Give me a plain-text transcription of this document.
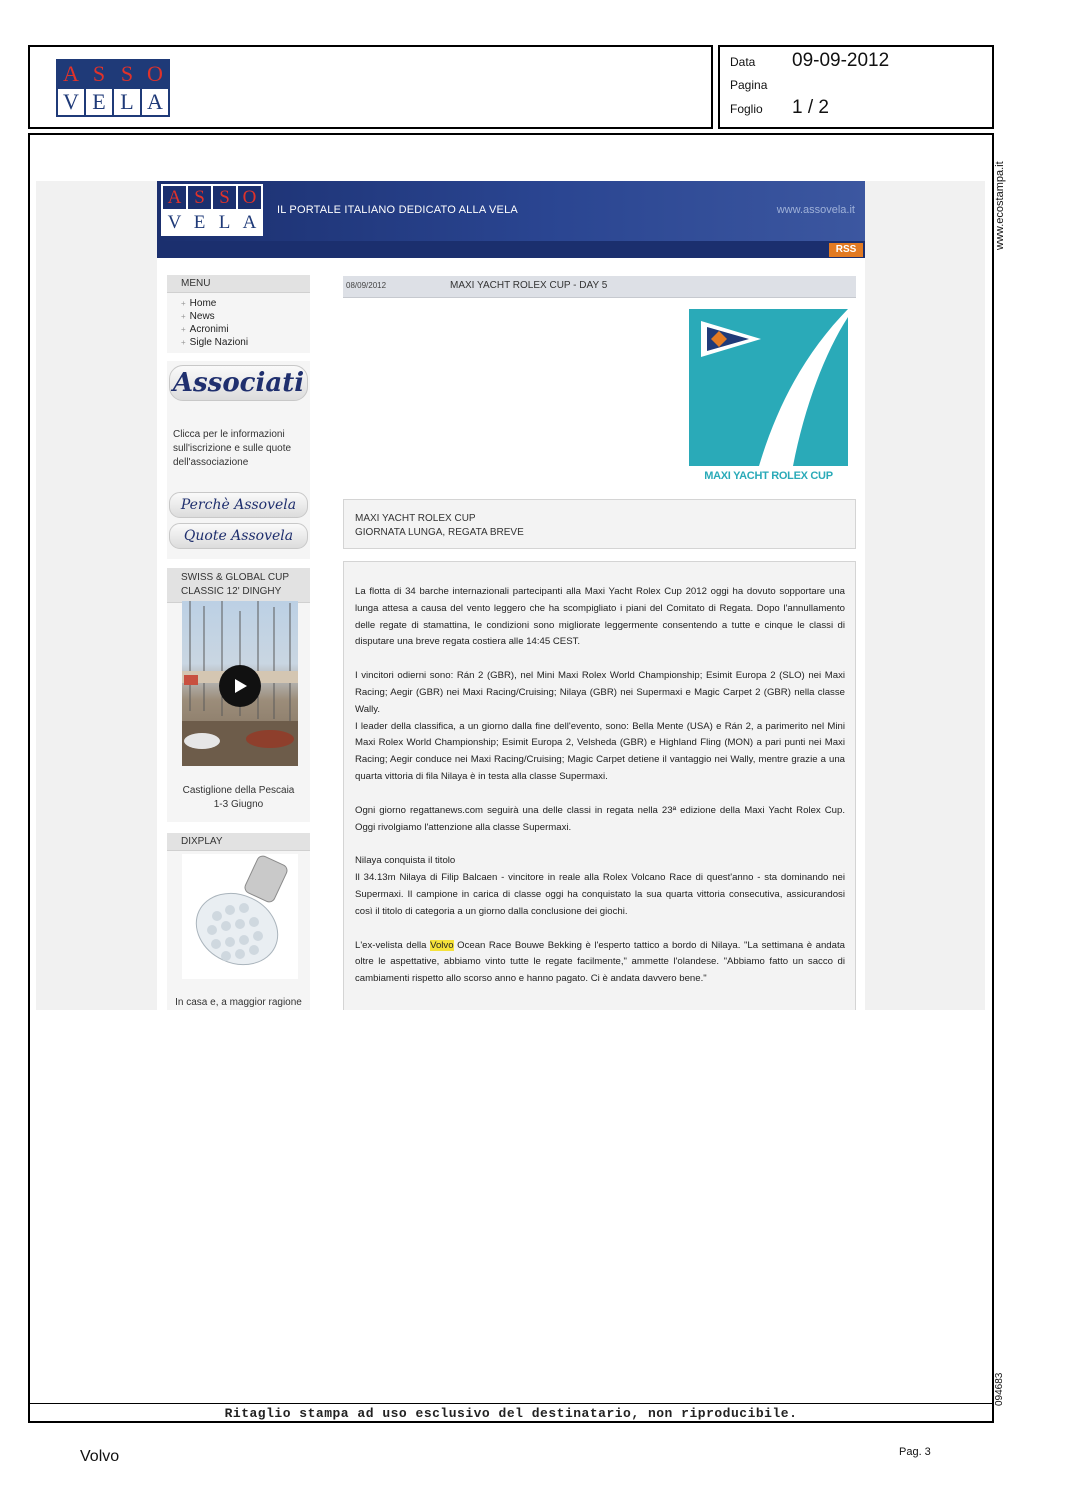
A S S O
V E L A
Data 09-09-2012
Pagina
Foglio 1 / 2
www.ecostampa.it
094683
A S S O
V E L A
IL PORTALE ITALIANO DEDICATO ALLA VELA	www.assovela.it
RSS
MENU
+ Home
+ News
+ Acronimi
+ Sigle Nazioni
Associati
Clicca per le informazioni
sull'iscrizione e sulle quote
dell'associazione
Perchè Assovela
Quote Assovela
SWISS & GLOBAL CUP
CLASSIC 12' DINGHY
Castiglione della Pescaia
1-3 Giugno
DIXPLAY
In casa e, a maggior ragione
08/09/2012	MAXI YACHT ROLEX CUP - DAY 5
MAXI YACHT ROLEX CUP
MAXI YACHT ROLEX CUP
GIORNATA LUNGA, REGATA BREVE

La flotta di 34 barche internazionali partecipanti alla Maxi Yacht Rolex Cup 2012 oggi ha dovuto sopportare una lunga attesa a causa del vento leggero che ha scompigliato i piani del Comitato di Regata. Dopo l'annullamento delle regate di stamattina, le condizioni sono migliorate leggermente consentendo a tutte e cinque le classi di disputare una breve regata costiera alle 14:45 CEST.

I vincitori odierni sono: Rán 2 (GBR), nel Mini Maxi Rolex World Championship; Esimit Europa 2 (SLO) nei Maxi Racing; Aegir (GBR) nei Maxi Racing/Cruising; Nilaya (GBR) nei Supermaxi e Magic Carpet 2 (GBR) nella classe Wally.

I leader della classifica, a un giorno dalla fine dell'evento, sono: Bella Mente (USA) e Rán 2, a parimerito nel Mini Maxi Rolex World Championship; Esimit Europa 2, Velsheda (GBR) e Highland Fling (MON) a pari punti nei Maxi Racing; Aegir conduce nei Maxi Racing/Cruising; Magic Carpet detiene il vantaggio nei Wally, mentre grazie a una quarta vittoria di fila Nilaya è in testa alla classe Supermaxi.

Ogni giorno regattanews.com seguirà una delle classi in regata nella 23ª edizione della Maxi Yacht Rolex Cup. Oggi rivolgiamo l'attenzione alla classe Supermaxi.

Nilaya conquista il titolo

Il 34.13m Nilaya di Filip Balcaen - vincitore in reale alla Rolex Volcano Race di quest'anno - sta dominando nei Supermaxi. Il campione in carica di classe oggi ha conquistato la sua quarta vittoria consecutiva, assicurandosi così il titolo di categoria a un giorno dalla conclusione dei giochi.

L'ex-velista della Volvo Ocean Race Bouwe Bekking è l'esperto tattico a bordo di Nilaya. "La settimana è andata oltre le aspettative, abbiamo vinto tutte le regate facilmente," ammette l'olandese. "Abbiamo fatto un sacco di cambiamenti rispetto allo scorso anno e hanno pagato. Ci è andata davvero bene."

Ritaglio stampa ad uso esclusivo del destinatario, non riproducibile.
Volvo	Pag. 3
